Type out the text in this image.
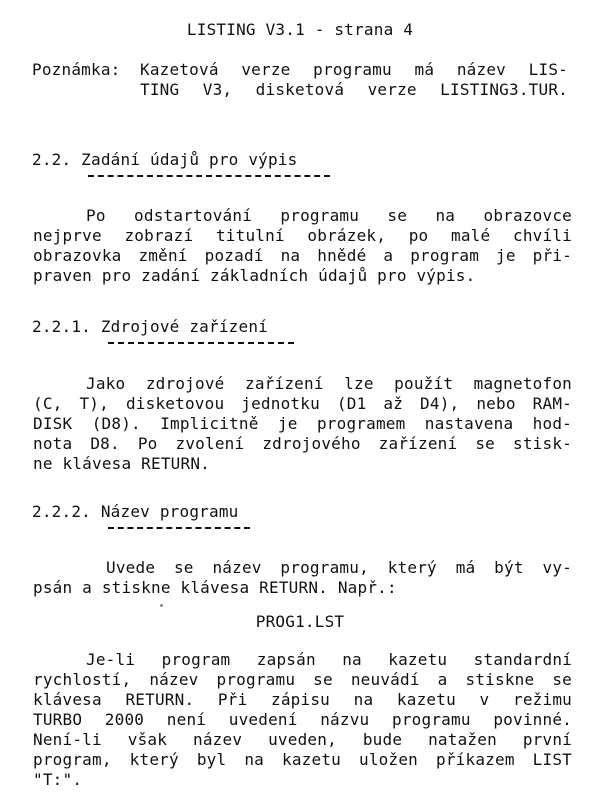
LISTING V3.1 - strana 4
Poznámka: Kazetová verze programu má název LIS-
TING V3, disketová verze LISTING3.TUR.
2.2. Zadání údajů pro výpis
Po odstartování programu se na obrazovce
nejprve zobrazí titulní obrázek, po malé chvíli
obrazovka změní pozadí na hnědé a program je při-
praven pro zadání základních údajů pro výpis.
2.2.1. Zdrojové zařízení
Jako zdrojové zařízení lze použít magnetofon
(C, T), disketovou jednotku (D1 až D4), nebo RAM-
DISK (D8). Implicitně je programem nastavena hod-
nota D8. Po zvolení zdrojového zařízení se stisk-
ne klávesa RETURN.
2.2.2. Název programu
Uvede se název programu, který má být vy-
psán a stiskne klávesa RETURN. Např.:
PROG1.LST
Je-li program zapsán na kazetu standardní
rychlostí, název programu se neuvádí a stiskne se
klávesa RETURN. Při zápisu na kazetu v režimu
TURBO 2000 není uvedení názvu programu povinné.
Není-li však název uveden, bude natažen první
program, který byl na kazetu uložen příkazem LIST
"T:".
